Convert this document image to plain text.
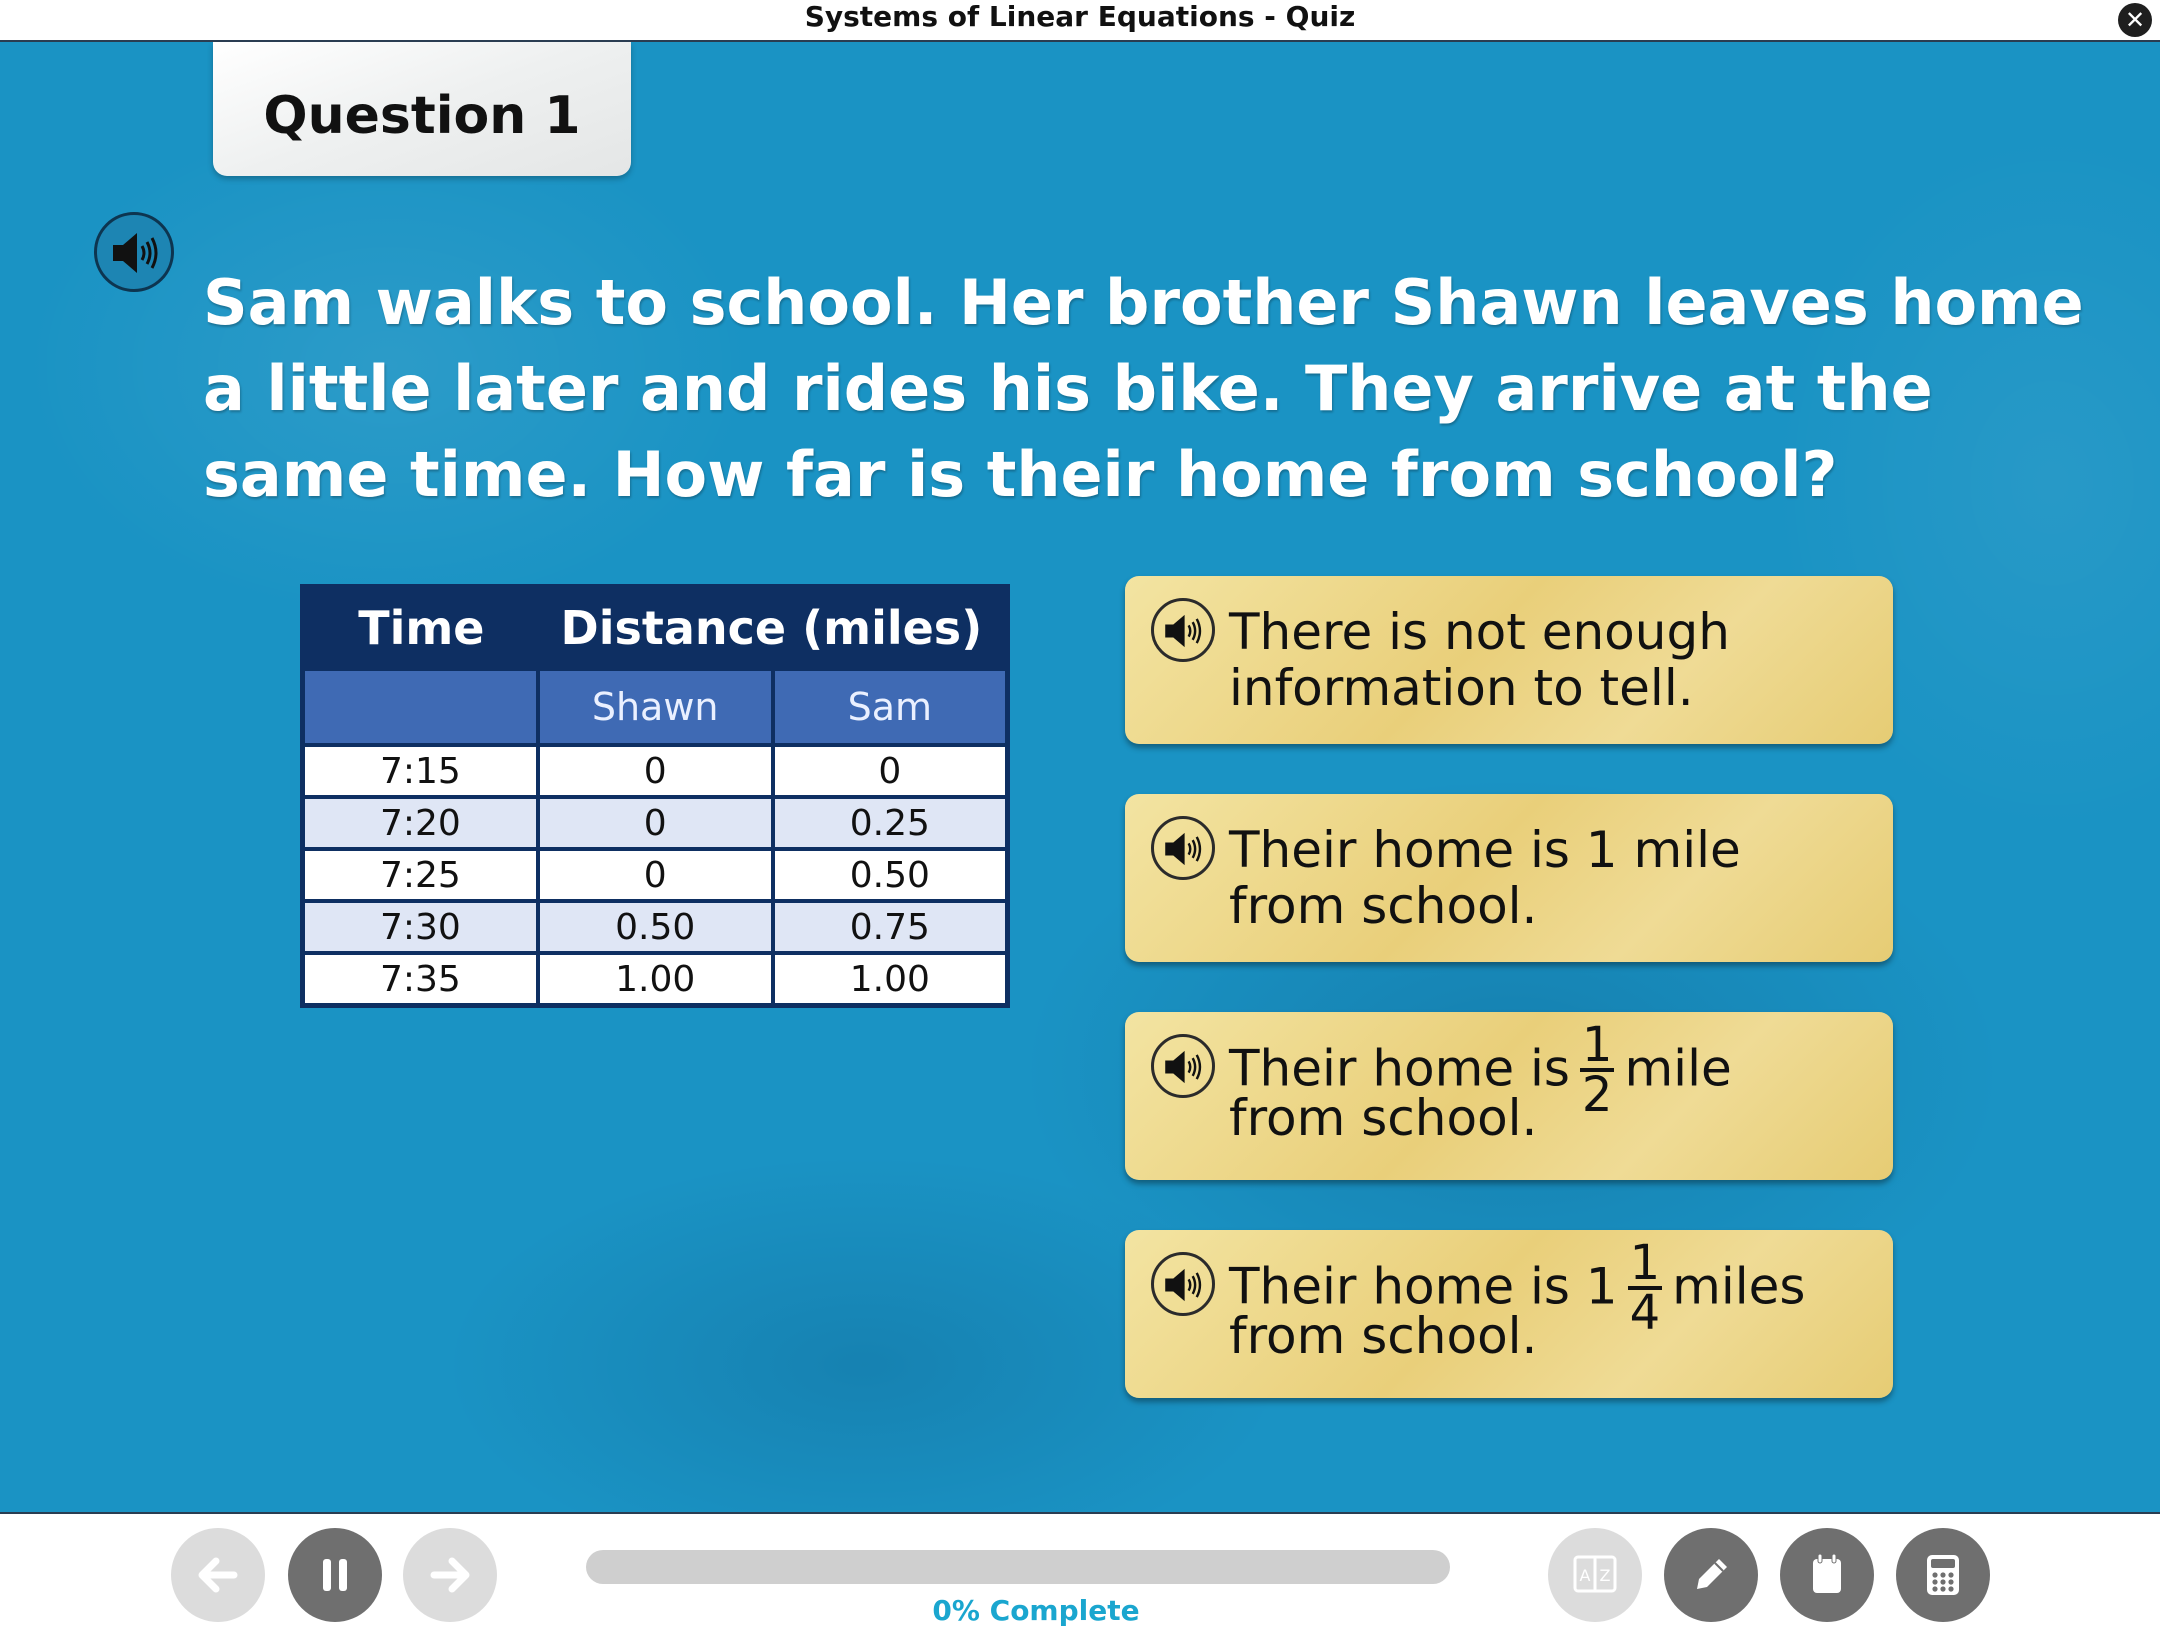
Systems of Linear Equations - Quiz	✕
Question 1
Sam walks to school. Her brother Shawn leaves home a little later and rides his bike. They arrive at the same time. How far is their home from school?
Time	Distance (miles)	
	Shawn	Sam
7:15	0	0
7:20	0	0.25
7:25	0	0.50
7:30	0.50	0.75
7:35	1.00	1.00
There is not enough
information to tell.
Their home is 1 mile
from school.
Their home is $\frac{1}{2}$ mile
from school.
Their home is $1 \frac{1}{4}$ miles
from school.
0% Complete
A Z
